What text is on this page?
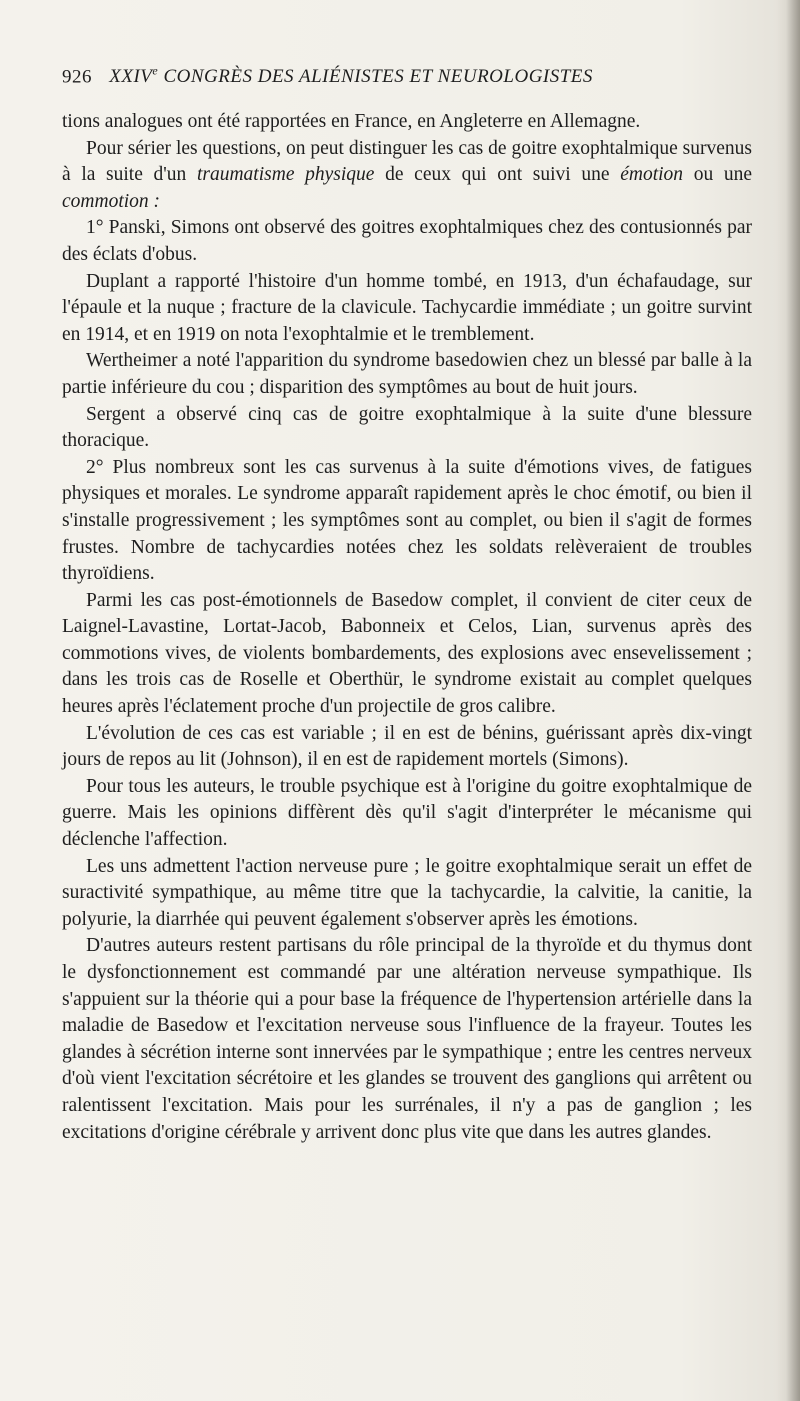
926 XXIVe CONGRÈS DES ALIÉNISTES ET NEUROLOGISTES

tions analogues ont été rapportées en France, en Angleterre en Allemagne.

Pour sérier les questions, on peut distinguer les cas de goitre exophtalmique survenus à la suite d'un traumatisme physique de ceux qui ont suivi une émotion ou une commotion :

1° Panski, Simons ont observé des goitres exophtalmiques chez des contusionnés par des éclats d'obus.

Duplant a rapporté l'histoire d'un homme tombé, en 1913, d'un échafaudage, sur l'épaule et la nuque ; fracture de la clavicule. Tachycardie immédiate ; un goitre survint en 1914, et en 1919 on nota l'exophtalmie et le tremblement.

Wertheimer a noté l'apparition du syndrome basedowien chez un blessé par balle à la partie inférieure du cou ; disparition des symptômes au bout de huit jours.

Sergent a observé cinq cas de goitre exophtalmique à la suite d'une blessure thoracique.

2° Plus nombreux sont les cas survenus à la suite d'émotions vives, de fatigues physiques et morales. Le syndrome apparaît rapidement après le choc émotif, ou bien il s'installe progressivement ; les symptômes sont au complet, ou bien il s'agit de formes frustes. Nombre de tachycardies notées chez les soldats relèveraient de troubles thyroïdiens.

Parmi les cas post-émotionnels de Basedow complet, il convient de citer ceux de Laignel-Lavastine, Lortat-Jacob, Babonneix et Celos, Lian, survenus après des commotions vives, de violents bombardements, des explosions avec ensevelissement ; dans les trois cas de Roselle et Oberthür, le syndrome existait au complet quelques heures après l'éclatement proche d'un projectile de gros calibre.

L'évolution de ces cas est variable ; il en est de bénins, guérissant après dix-vingt jours de repos au lit (Johnson), il en est de rapidement mortels (Simons).

Pour tous les auteurs, le trouble psychique est à l'origine du goitre exophtalmique de guerre. Mais les opinions diffèrent dès qu'il s'agit d'interpréter le mécanisme qui déclenche l'affection.

Les uns admettent l'action nerveuse pure ; le goitre exophtalmique serait un effet de suractivité sympathique, au même titre que la tachycardie, la calvitie, la canitie, la polyurie, la diarrhée qui peuvent également s'observer après les émotions.

D'autres auteurs restent partisans du rôle principal de la thyroïde et du thymus dont le dysfonctionnement est commandé par une altération nerveuse sympathique. Ils s'appuient sur la théorie qui a pour base la fréquence de l'hypertension artérielle dans la maladie de Basedow et l'excitation nerveuse sous l'influence de la frayeur. Toutes les glandes à sécrétion interne sont innervées par le sympathique ; entre les centres nerveux d'où vient l'excitation sécrétoire et les glandes se trouvent des ganglions qui arrêtent ou ralentissent l'excitation. Mais pour les surrénales, il n'y a pas de ganglion ; les excitations d'origine cérébrale y arrivent donc plus vite que dans les autres glandes.
